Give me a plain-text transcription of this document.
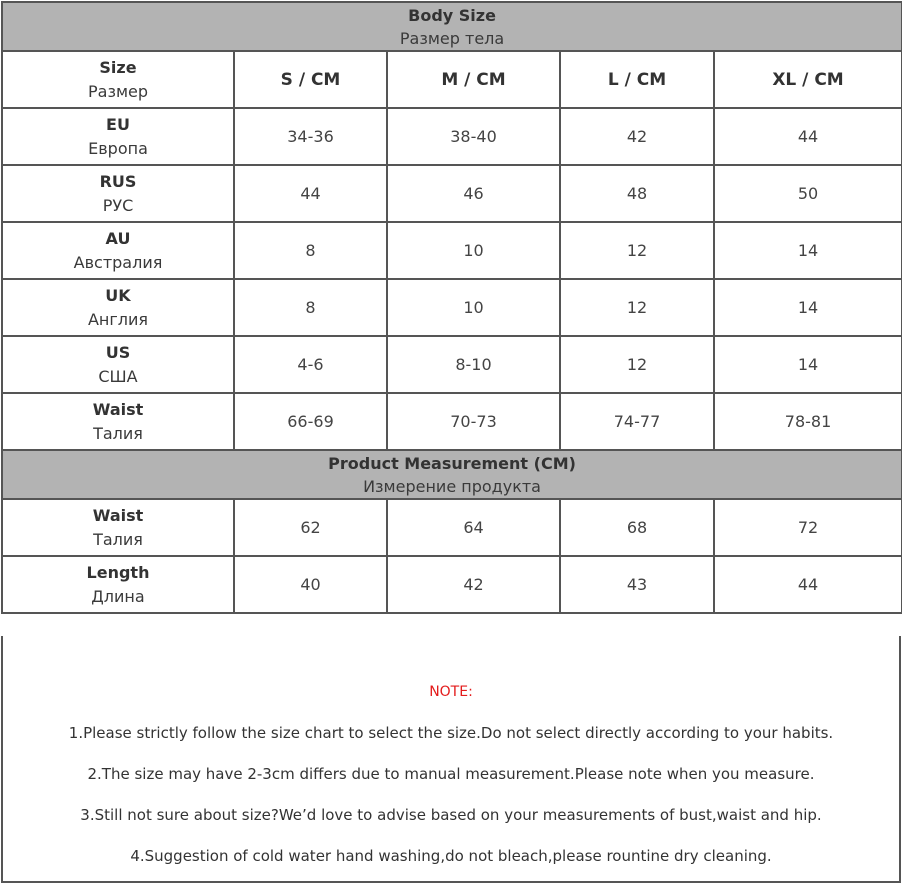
Body Size
Размер тела				

Size
Размер	S / CM	M / CM	L / CM	XL / CM

EU
Европа	34-36	38-40	42	44

RUS
РУС	44	46	48	50

AU
Австралия	8	10	12	14

UK
Англия	8	10	12	14

US
США	4-6	8-10	12	14

Waist
Талия	66-69	70-73	74-77	78-81

Product Measurement (CM)
Измерение продукта				

Waist
Талия	62	64	68	72

Length
Длина	40	42	43	44
NOTE:
1.Please strictly follow the size chart to select the size.Do not select directly according to your habits.
2.The size may have 2-3cm differs due to manual measurement.Please note when you measure.
3.Still not sure about size?We’d love to advise based on your measurements of bust,waist and hip.
4.Suggestion of cold water hand washing,do not bleach,please rountine dry cleaning.
